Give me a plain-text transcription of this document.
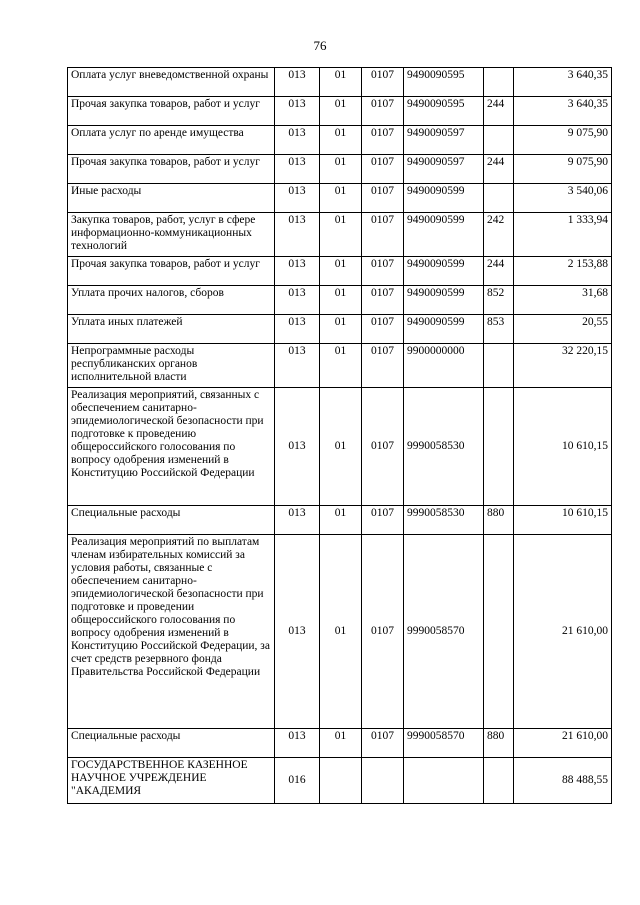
76
Оплата услуг вневедомственной охраны	013	01	0107	9490090595		3 640,35
Прочая закупка товаров, работ и услуг	013	01	0107	9490090595	244	3 640,35
Оплата услуг по аренде имущества	013	01	0107	9490090597		9 075,90
Прочая закупка товаров, работ и услуг	013	01	0107	9490090597	244	9 075,90
Иные расходы	013	01	0107	9490090599		3 540,06
Закупка товаров, работ, услуг в сфере информационно-коммуникационных технологий	013	01	0107	9490090599	242	1 333,94
Прочая закупка товаров, работ и услуг	013	01	0107	9490090599	244	2 153,88
Уплата прочих налогов, сборов	013	01	0107	9490090599	852	31,68
Уплата иных платежей	013	01	0107	9490090599	853	20,55
Непрограммные расходы республиканских органов исполнительной власти	013	01	0107	9900000000		32 220,15
Реализация мероприятий, связанных с обеспечением санитарно-эпидемиологической безопасности при подготовке к проведению общероссийского голосования по вопросу одобрения изменений в Конституцию Российской Федерации	013	01	0107	9990058530		10 610,15
Специальные расходы	013	01	0107	9990058530	880	10 610,15
Реализация мероприятий по выплатам членам избирательных комиссий за условия работы, связанные с обеспечением санитарно-эпидемиологической безопасности при подготовке и проведении общероссийского голосования по вопросу одобрения изменений в Конституцию Российской Федерации, за счет средств резервного фонда Правительства Российской Федерации	013	01	0107	9990058570		21 610,00
Специальные расходы	013	01	0107	9990058570	880	21 610,00
ГОСУДАРСТВЕННОЕ КАЗЕННОЕ НАУЧНОЕ УЧРЕЖДЕНИЕ "АКАДЕМИЯ	016					88 488,55
